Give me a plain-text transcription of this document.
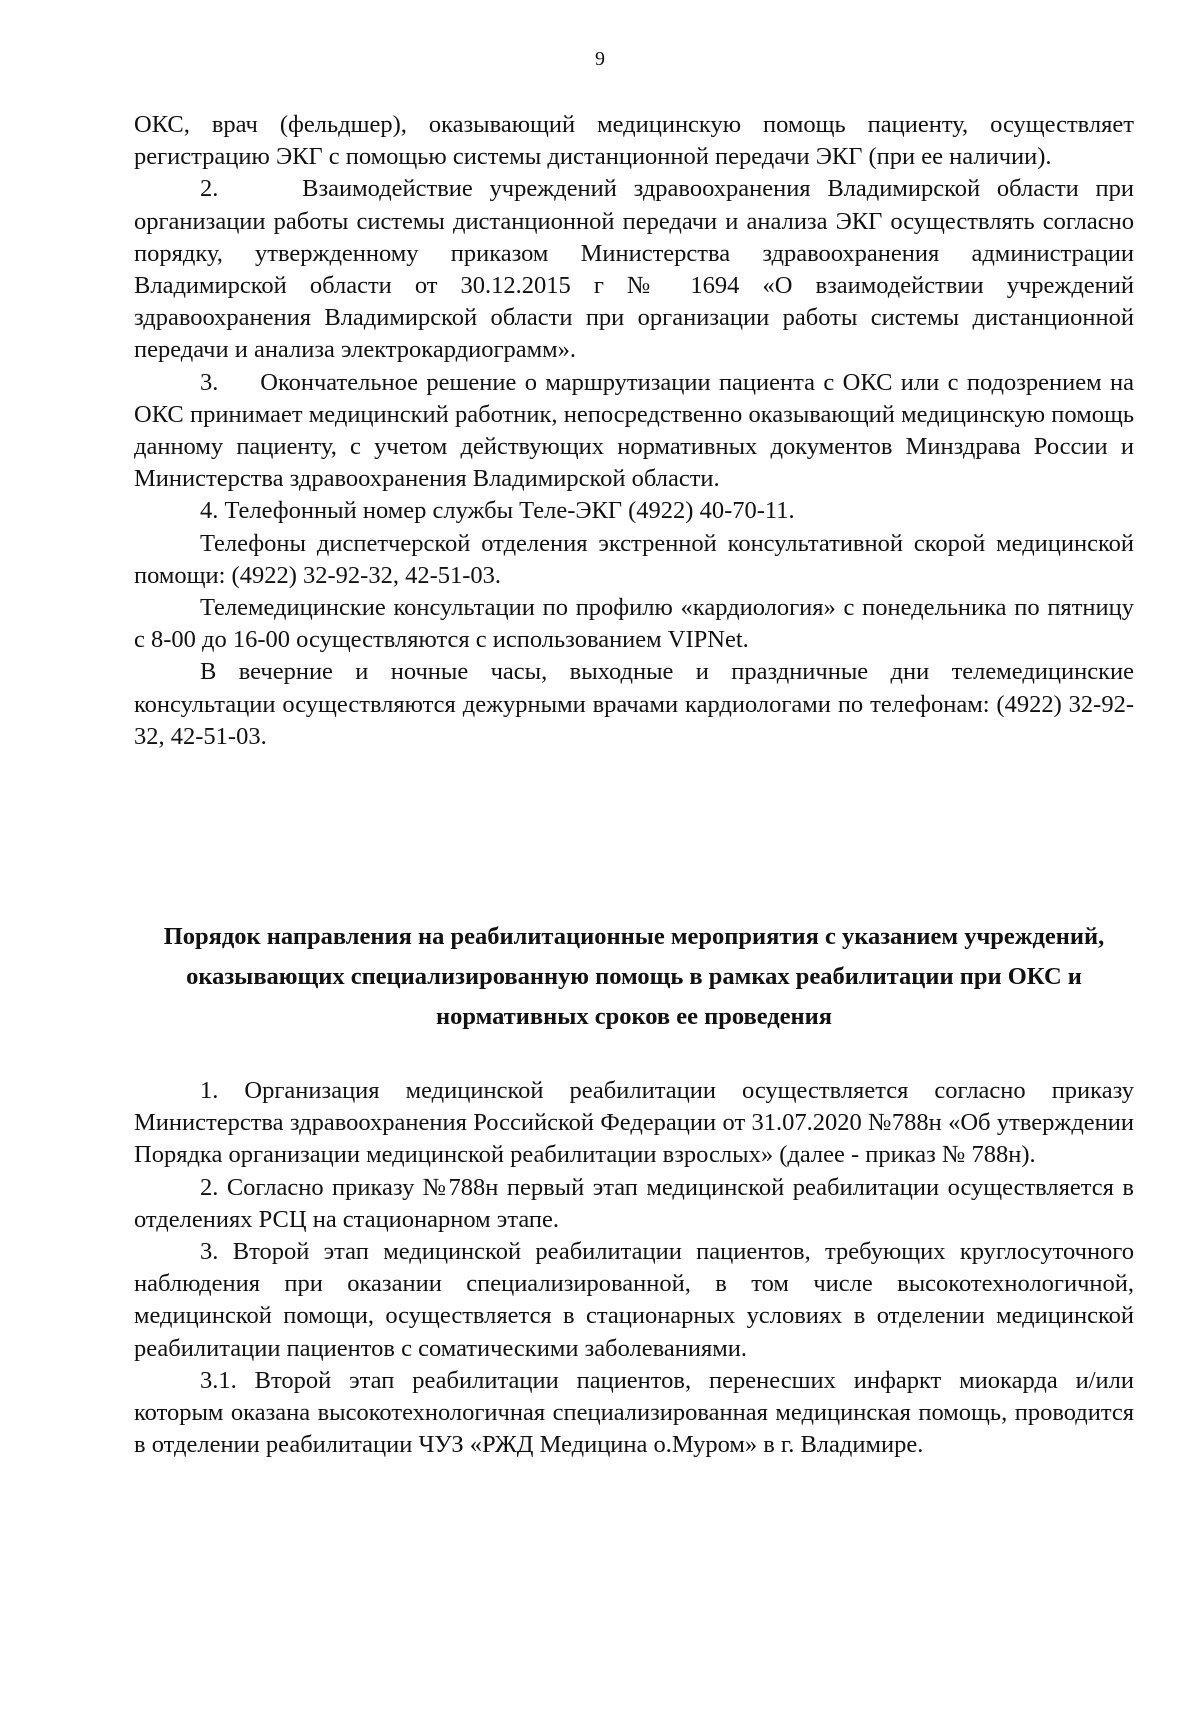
9

ОКС, врач (фельдшер), оказывающий медицинскую помощь пациенту, осуществляет регистрацию ЭКГ с помощью системы дистанционной передачи ЭКГ (при ее наличии).

2.     Взаимодействие учреждений здравоохранения Владимирской области при организации работы системы дистанционной передачи и анализа ЭКГ осуществлять согласно порядку, утвержденному приказом Министерства здравоохранения администрации Владимирской области от 30.12.2015 г № 1694 «О взаимодействии учреждений здравоохранения Владимирской области при организации работы системы дистанционной передачи и анализа электрокардиограмм».

3.     Окончательное решение о маршрутизации пациента с ОКС или с подозрением на ОКС принимает медицинский работник, непосредственно оказывающий медицинскую помощь данному пациенту, с учетом действующих нормативных документов Минздрава России и Министерства здравоохранения Владимирской области.

4. Телефонный номер службы Теле-ЭКГ (4922) 40-70-11.

Телефоны диспетчерской отделения экстренной консультативной скорой медицинской помощи: (4922) 32-92-32, 42-51-03.

Телемедицинские консультации по профилю «кардиология» с понедельника по пятницу с 8-00 до 16-00 осуществляются с использованием VIPNet.

В вечерние и ночные часы, выходные и праздничные дни телемедицинские консультации осуществляются дежурными врачами кардиологами по телефонам: (4922) 32-92-32, 42-51-03.

Порядок направления на реабилитационные мероприятия с указанием учреждений, оказывающих специализированную помощь в рамках реабилитации при ОКС и нормативных сроков ее проведения

1. Организация медицинской реабилитации осуществляется согласно приказу Министерства здравоохранения Российской Федерации от 31.07.2020 №788н «Об утверждении Порядка организации медицинской реабилитации взрослых» (далее - приказ № 788н).

2. Согласно приказу №788н первый этап медицинской реабилитации осуществляется в отделениях РСЦ на стационарном этапе.

3. Второй этап медицинской реабилитации пациентов, требующих круглосуточного наблюдения при оказании специализированной, в том числе высокотехнологичной, медицинской помощи, осуществляется в стационарных условиях в отделении медицинской реабилитации пациентов с соматическими заболеваниями.

3.1. Второй этап реабилитации пациентов, перенесших инфаркт миокарда и/или которым оказана высокотехнологичная специализированная медицинская помощь, проводится в отделении реабилитации ЧУЗ «РЖД Медицина о.Муром» в г. Владимире.
